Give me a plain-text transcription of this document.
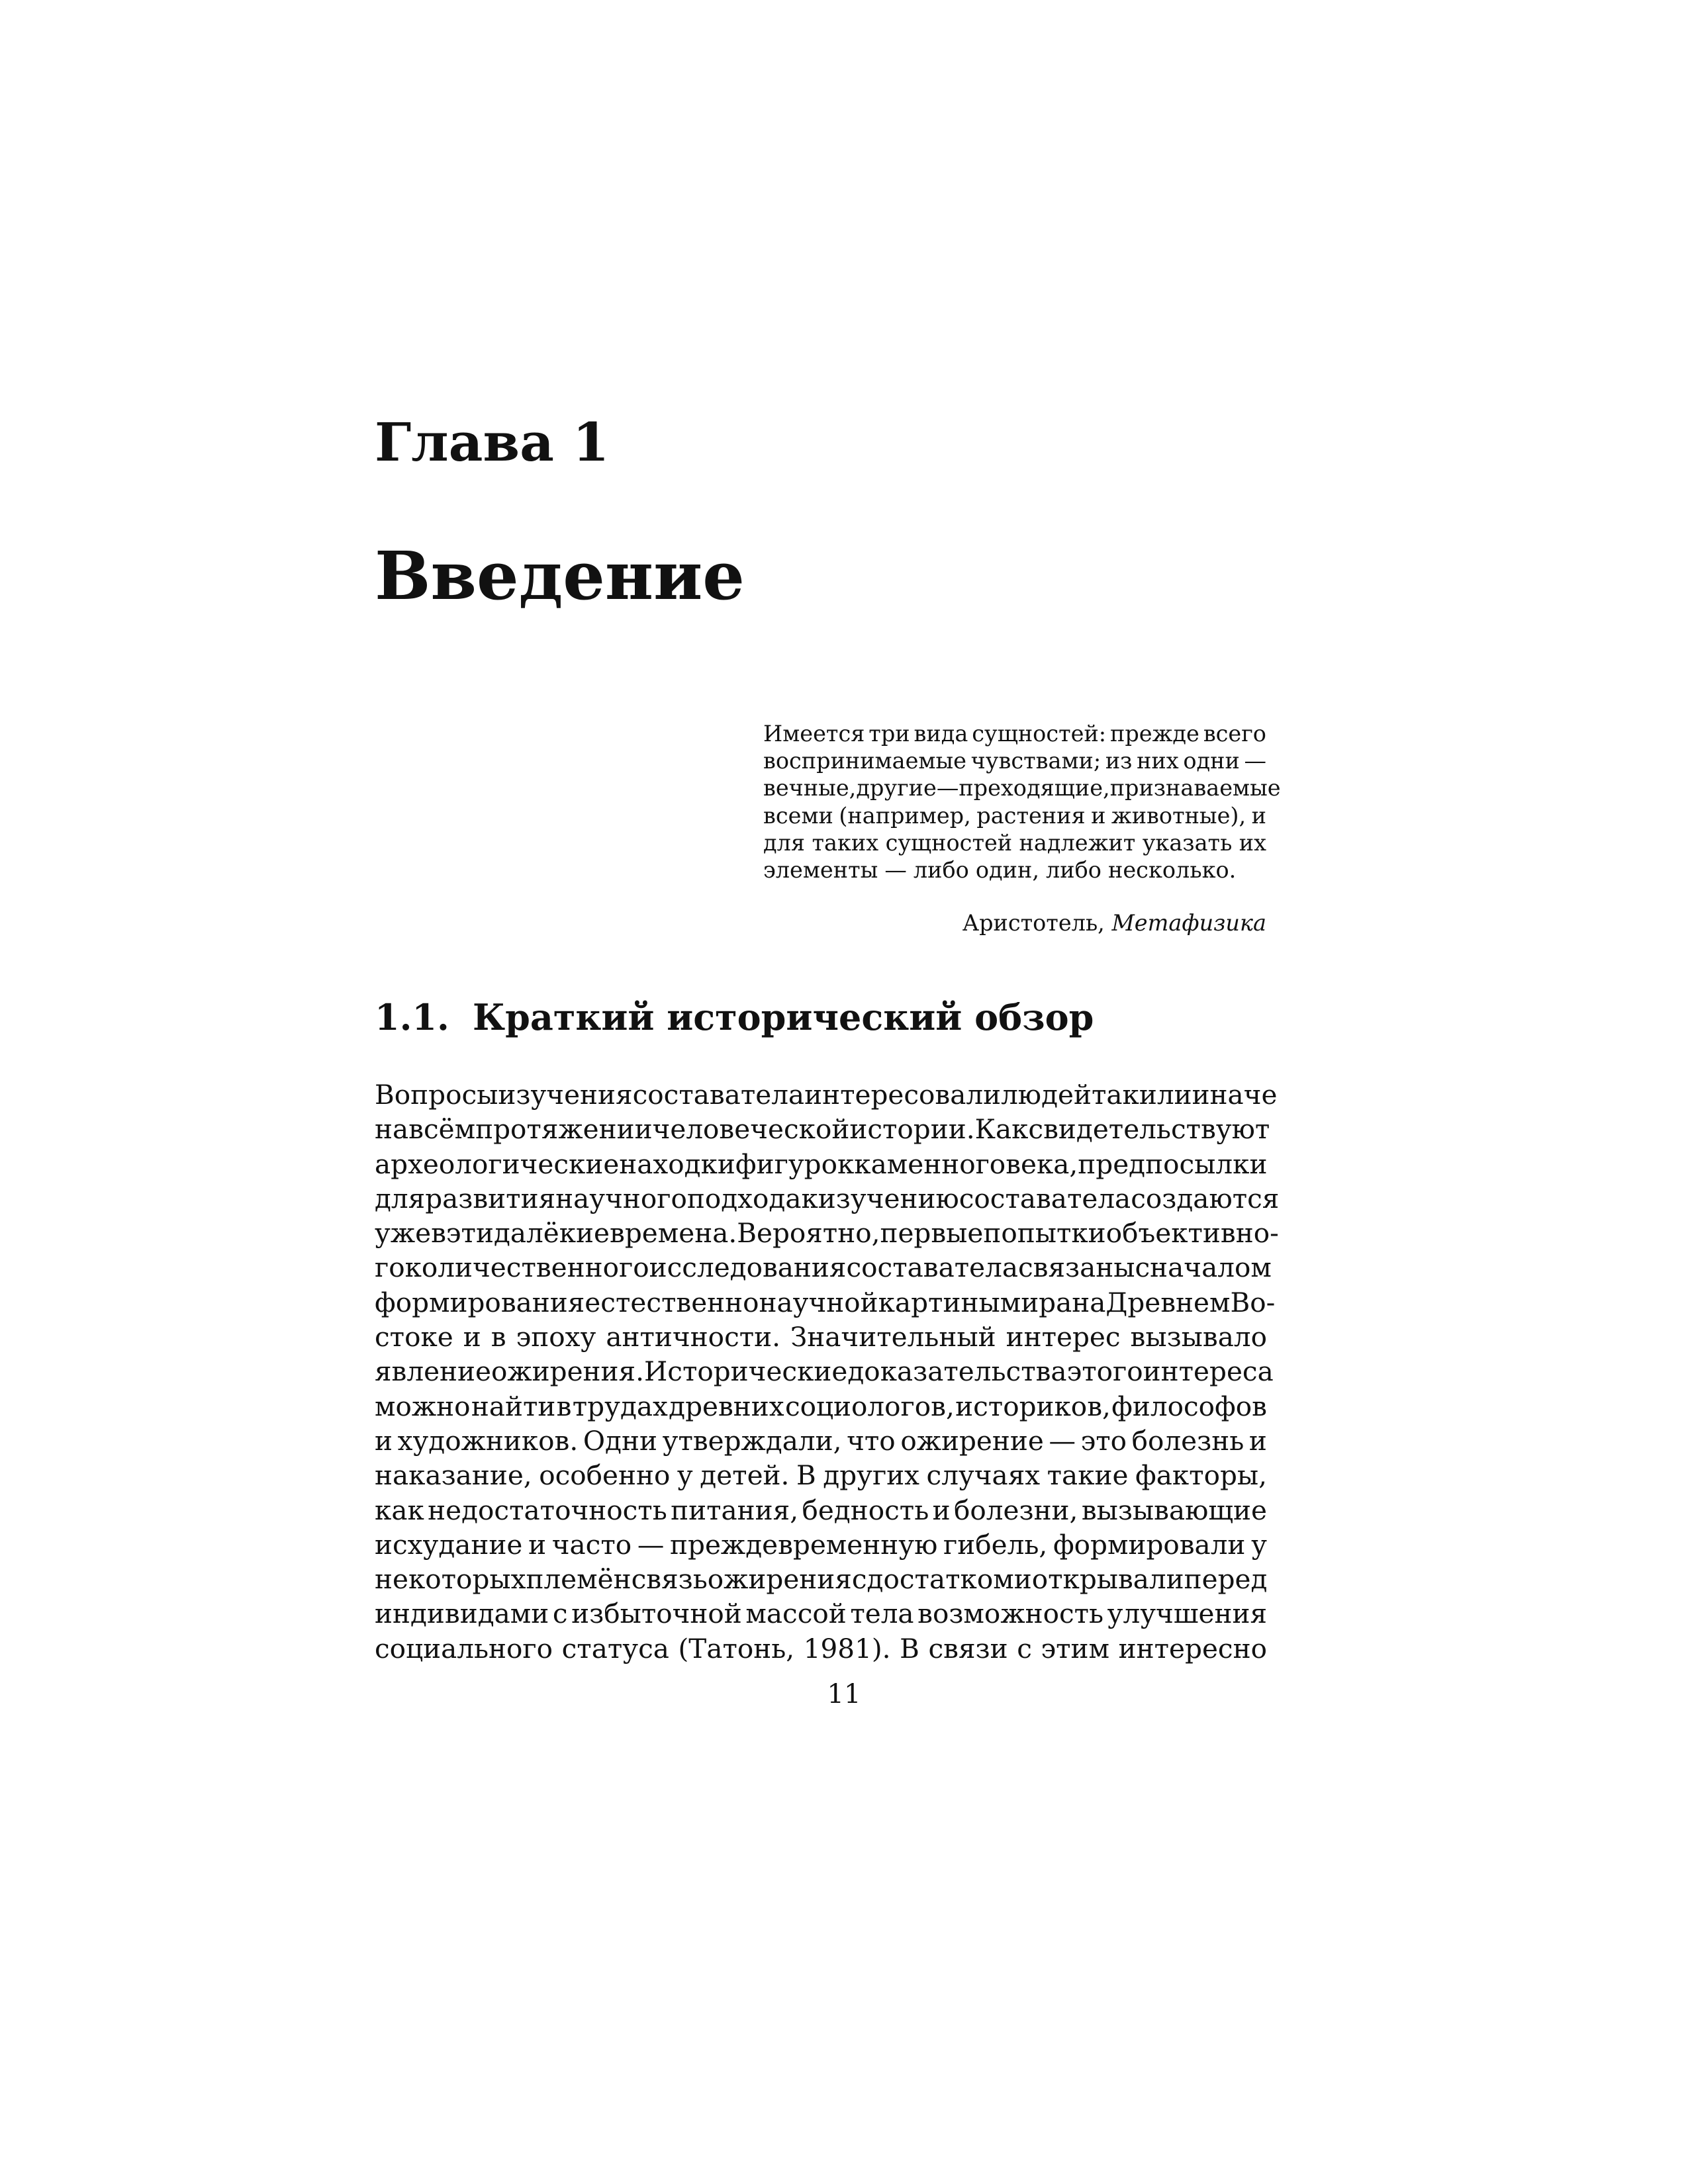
Глава 1
Введение
Имеется три вида сущностей: прежде всего
воспринимаемые чувствами; из них одни —
вечные, другие — преходящие, признаваемые
всеми (например, растения и животные), и
для таких сущностей надлежит указать их
элементы — либо один, либо несколько.
Аристотель, Метафизика
1.1. Краткий исторический обзор
Вопросы изучения состава тела интересовали людей так или иначе
на всём протяжении человеческой истории. Как свидетельствуют
археологические находки фигурок каменного века, предпосылки
для развития научного подхода к изучению состава тела создаются
уже в эти далёкие времена. Вероятно, первые попытки объективно-
го количественного исследования состава тела связаны с началом
формирования естественнонаучной картины мира на Древнем Во-
стоке и в эпоху античности. Значительный интерес вызывало
явление ожирения. Исторические доказательства этого интереса
можно найти в трудах древних социологов, историков, философов
и художников. Одни утверждали, что ожирение — это болезнь и
наказание, особенно у детей. В других случаях такие факторы,
как недостаточность питания, бедность и болезни, вызывающие
исхудание и часто — преждевременную гибель, формировали у
некоторых племён связь ожирения с достатком и открывали перед
индивидами с избыточной массой тела возможность улучшения
социального статуса (Татонь, 1981). В связи с этим интересно
11
